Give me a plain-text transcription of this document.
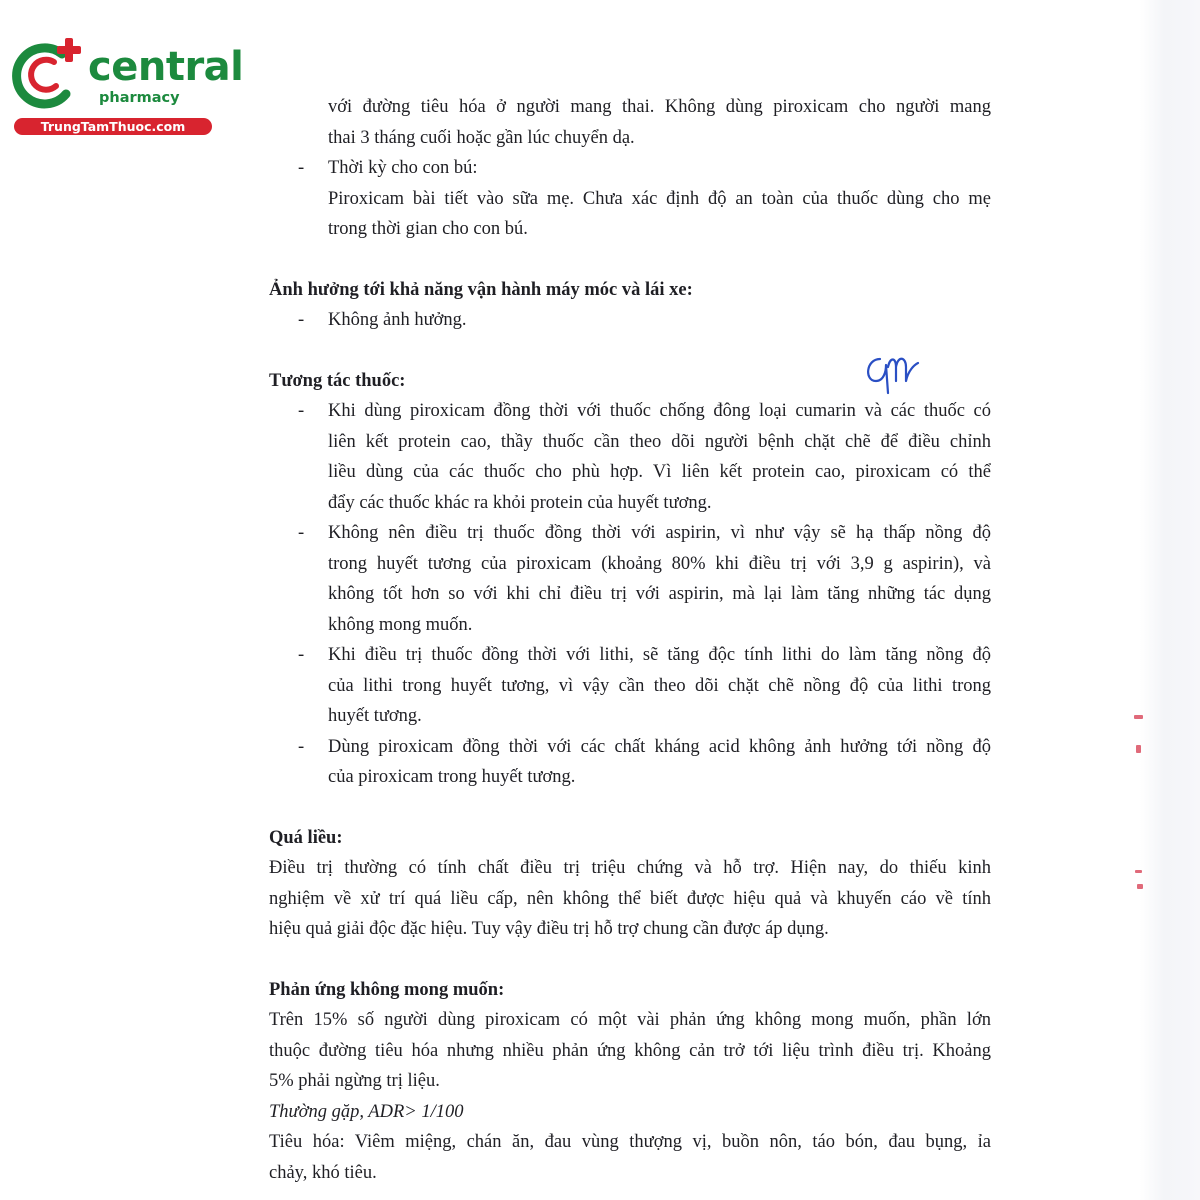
central
pharmacy
TrungTamThuoc.com

với đường tiêu hóa ở người mang thai. Không dùng piroxicam cho người mang

thai 3 tháng cuối hoặc gần lúc chuyển dạ.

- Thời kỳ cho con bú:

Piroxicam bài tiết vào sữa mẹ. Chưa xác định độ an toàn của thuốc dùng cho mẹ

trong thời gian cho con bú.

Ảnh hưởng tới khả năng vận hành máy móc và lái xe:

- Không ảnh hưởng.

Tương tác thuốc:

- Khi dùng piroxicam đồng thời với thuốc chống đông loại cumarin và các thuốc có

liên kết protein cao, thầy thuốc cần theo dõi người bệnh chặt chẽ để điều chỉnh

liều dùng của các thuốc cho phù hợp. Vì liên kết protein cao, piroxicam có thể

đẩy các thuốc khác ra khỏi protein của huyết tương.

- Không nên điều trị thuốc đồng thời với aspirin, vì như vậy sẽ hạ thấp nồng độ

trong huyết tương của piroxicam (khoảng 80% khi điều trị với 3,9 g aspirin), và

không tốt hơn so với khi chỉ điều trị với aspirin, mà lại làm tăng những tác dụng

không mong muốn.

- Khi điều trị thuốc đồng thời với lithi, sẽ tăng độc tính lithi do làm tăng nồng độ

của lithi trong huyết tương, vì vậy cần theo dõi chặt chẽ nồng độ của lithi trong

huyết tương.

- Dùng piroxicam đồng thời với các chất kháng acid không ảnh hưởng tới nồng độ

của piroxicam trong huyết tương.

Quá liều:

Điều trị thường có tính chất điều trị triệu chứng và hỗ trợ. Hiện nay, do thiếu kinh

nghiệm về xử trí quá liều cấp, nên không thể biết được hiệu quả và khuyến cáo về tính

hiệu quả giải độc đặc hiệu. Tuy vậy điều trị hỗ trợ chung cần được áp dụng.

Phản ứng không mong muốn:

Trên 15% số người dùng piroxicam có một vài phản ứng không mong muốn, phần lớn

thuộc đường tiêu hóa nhưng nhiều phản ứng không cản trở tới liệu trình điều trị. Khoảng

5% phải ngừng trị liệu.

Thường gặp, ADR> 1/100

Tiêu hóa: Viêm miệng, chán ăn, đau vùng thượng vị, buồn nôn, táo bón, đau bụng, ỉa

chảy, khó tiêu.
